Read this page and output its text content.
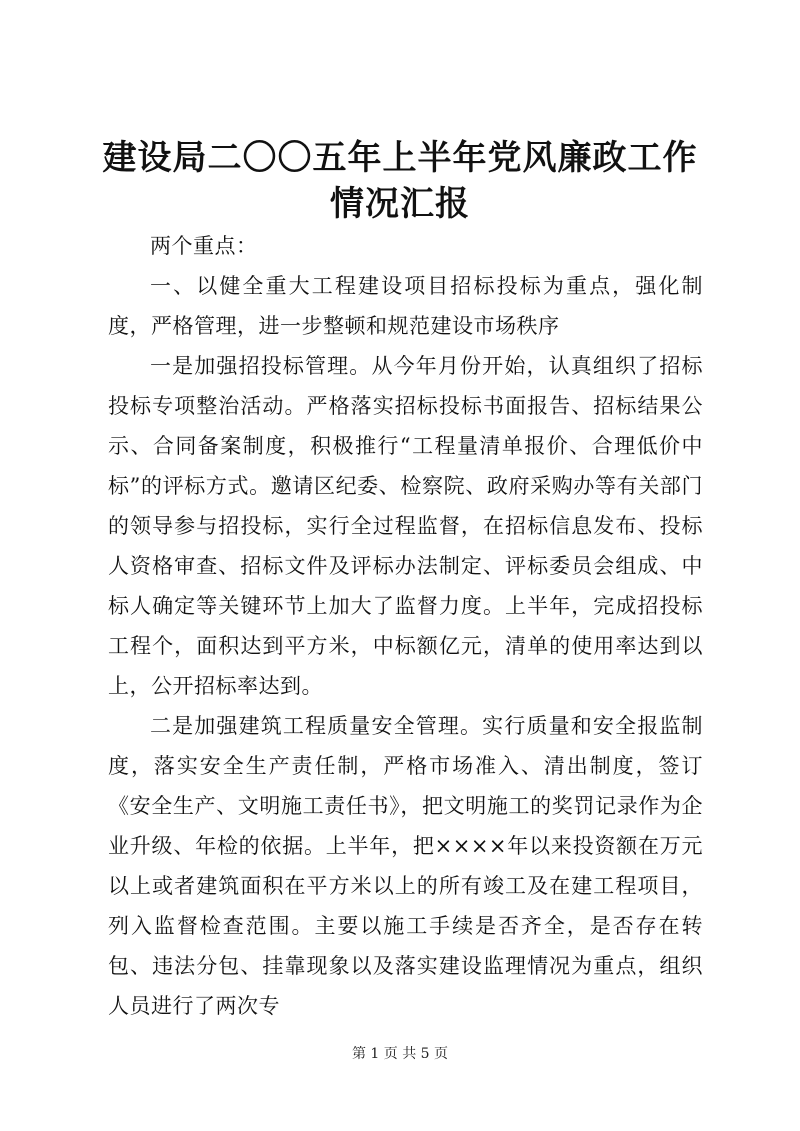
建设局二〇〇五年上半年党风廉政工作情况汇报

两个重点：

一、以健全重大工程建设项目招标投标为重点，强化制度，严格管理，进一步整顿和规范建设市场秩序

一是加强招投标管理。从今年月份开始，认真组织了招标投标专项整治活动。严格落实招标投标书面报告、招标结果公示、合同备案制度，积极推行“工程量清单报价、合理低价中标”的评标方式。邀请区纪委、检察院、政府采购办等有关部门的领导参与招投标，实行全过程监督，在招标信息发布、投标人资格审查、招标文件及评标办法制定、评标委员会组成、中标人确定等关键环节上加大了监督力度。上半年，完成招投标工程个，面积达到平方米，中标额亿元，清单的使用率达到以上，公开招标率达到。

二是加强建筑工程质量安全管理。实行质量和安全报监制度，落实安全生产责任制，严格市场准入、清出制度，签订《安全生产、文明施工责任书》，把文明施工的奖罚记录作为企业升级、年检的依据。上半年，把××××年以来投资额在万元以上或者建筑面积在平方米以上的所有竣工及在建工程项目，列入监督检查范围。主要以施工手续是否齐全，是否存在转包、违法分包、挂靠现象以及落实建设监理情况为重点，组织人员进行了两次专

第 1 页 共 5 页
